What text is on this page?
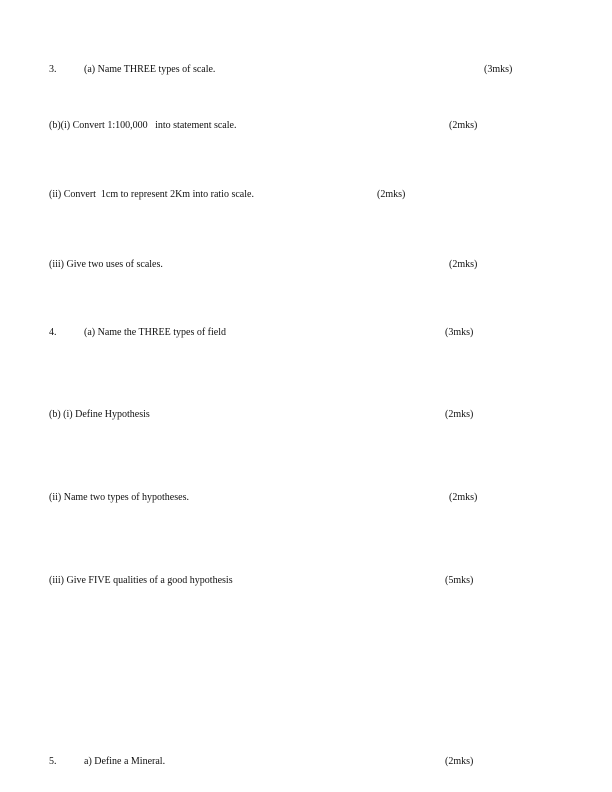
3.	(a) Name THREE types of scale.	(3mks)
(b)(i) Convert 1:100,000   into statement scale.	(2mks)
(ii) Convert  1cm to represent 2Km into ratio scale.	(2mks)
(iii) Give two uses of scales.	(2mks)
4.	(a) Name the THREE types of field	(3mks)
(b) (i) Define Hypothesis	(2mks)
(ii) Name two types of hypotheses.	(2mks)
(iii) Give FIVE qualities of a good hypothesis	(5mks)
5.	a) Define a Mineral.	(2mks)
